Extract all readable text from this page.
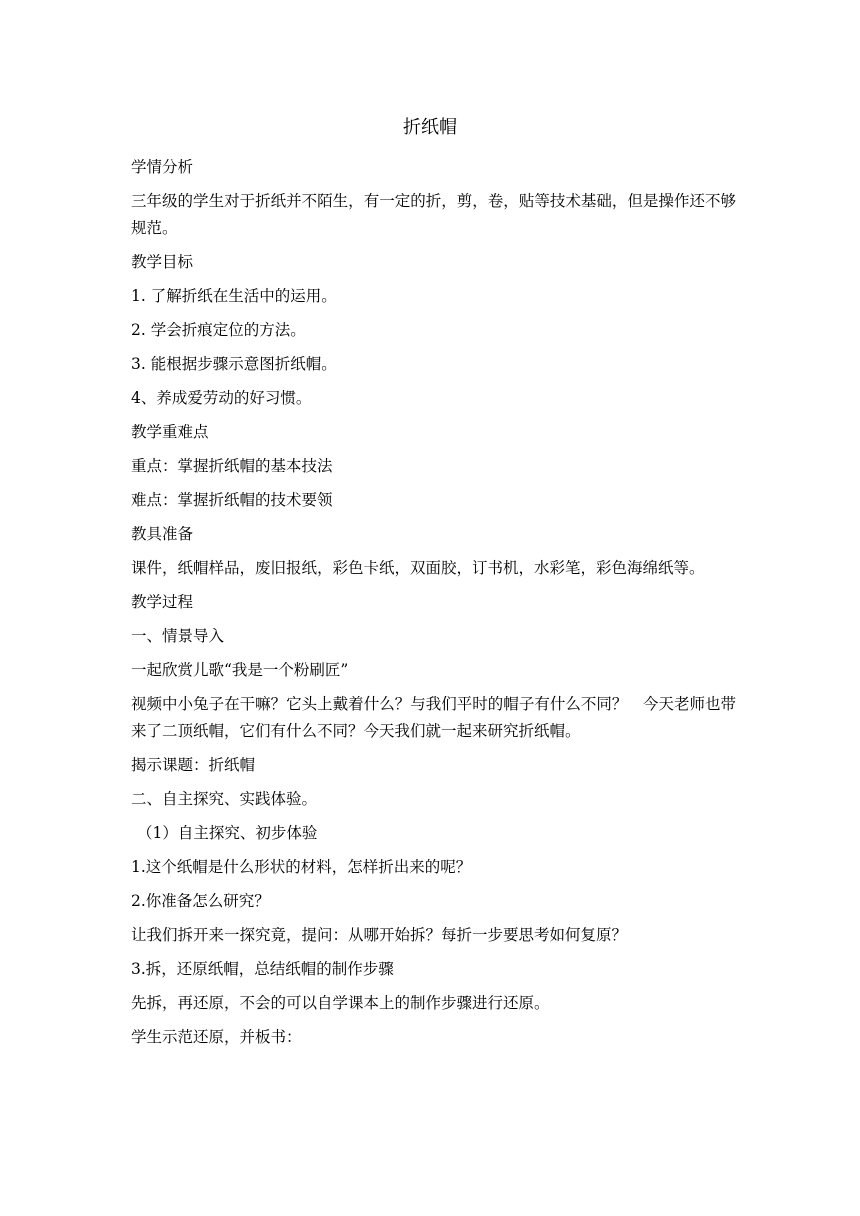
折纸帽

学情分析

三年级的学生对于折纸并不陌生，有一定的折，剪，卷，贴等技术基础，但是操作还不够规范。

教学目标

1. 了解折纸在生活中的运用。

2. 学会折痕定位的方法。

3. 能根据步骤示意图折纸帽。

4、养成爱劳动的好习惯。

教学重难点

重点：掌握折纸帽的基本技法

难点：掌握折纸帽的技术要领

教具准备

课件，纸帽样品，废旧报纸，彩色卡纸，双面胶，订书机，水彩笔，彩色海绵纸等。

教学过程

一、情景导入

一起欣赏儿歌“我是一个粉刷匠”

视频中小兔子在干嘛？它头上戴着什么？与我们平时的帽子有什么不同？　今天老师也带来了二顶纸帽，它们有什么不同？今天我们就一起来研究折纸帽。

揭示课题：折纸帽

二、自主探究、实践体验。

（1）自主探究、初步体验

1.这个纸帽是什么形状的材料，怎样折出来的呢？

2.你准备怎么研究？

让我们拆开来一探究竟，提问：从哪开始拆？每折一步要思考如何复原？

3.拆，还原纸帽，总结纸帽的制作步骤

先拆，再还原，不会的可以自学课本上的制作步骤进行还原。

学生示范还原，并板书：
